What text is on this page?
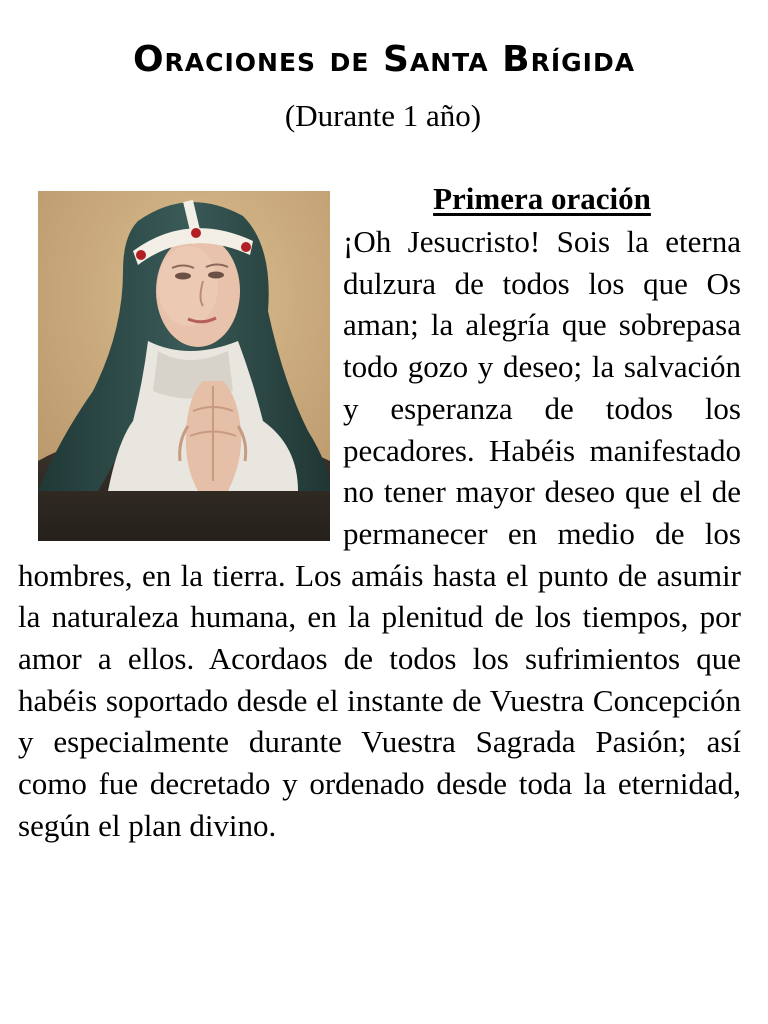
Oraciones de Santa Brígida

(Durante 1 año)

Primera oración
¡Oh Jesucristo! Sois la eterna dulzura de todos los que Os aman; la alegría que sobrepasa todo gozo y deseo; la salvación y esperanza de todos los pecadores. Habéis manifestado no tener mayor deseo que el de permanecer en medio de los hombres, en la tierra. Los amáis hasta el punto de asumir la naturaleza humana, en la plenitud de los tiempos, por amor a ellos. Acordaos de todos los sufrimientos que habéis soportado desde el instante de Vuestra Concepción y especialmente durante Vuestra Sagrada Pasión; así como fue decretado y ordenado desde toda la eternidad, según el plan divino.
